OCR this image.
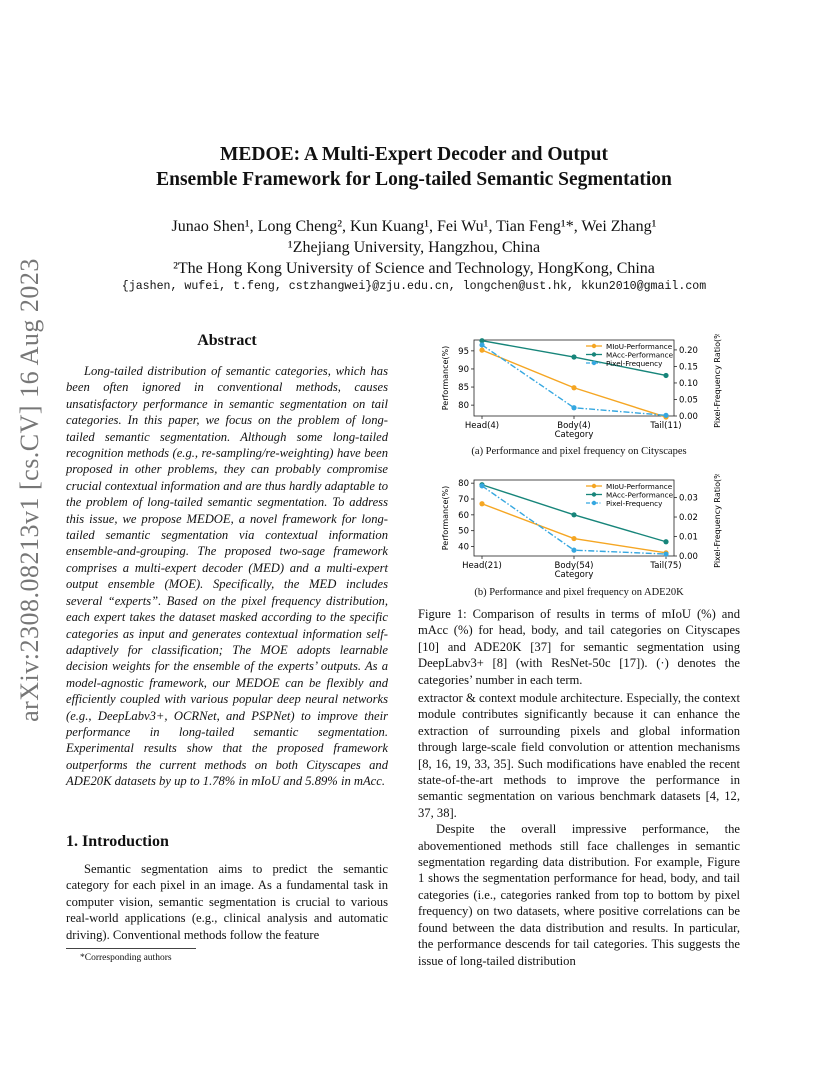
arXiv:2308.08213v1 [cs.CV] 16 Aug 2023
MEDOE: A Multi-Expert Decoder and Output
Ensemble Framework for Long-tailed Semantic Segmentation
Junao Shen¹, Long Cheng², Kun Kuang¹, Fei Wu¹, Tian Feng¹*, Wei Zhang¹
¹Zhejiang University, Hangzhou, China
²The Hong Kong University of Science and Technology, HongKong, China
{jashen, wufei, t.feng, cstzhangwei}@zju.edu.cn, longchen@ust.hk, kkun2010@gmail.com
Abstract

Long-tailed distribution of semantic categories, which has been often ignored in conventional methods, causes unsatisfactory performance in semantic segmentation on tail categories. In this paper, we focus on the problem of long-tailed semantic segmentation. Although some long-tailed recognition methods (e.g., re-sampling/re-weighting) have been proposed in other problems, they can probably compromise crucial contextual information and are thus hardly adaptable to the problem of long-tailed semantic segmentation. To address this issue, we propose MEDOE, a novel framework for long-tailed semantic segmentation via contextual information ensemble-and-grouping. The proposed two-sage framework comprises a multi-expert decoder (MED) and a multi-expert output ensemble (MOE). Specifically, the MED includes several “experts”. Based on the pixel frequency distribution, each expert takes the dataset masked according to the specific categories as input and generates contextual information self-adaptively for classification; The MOE adopts learnable decision weights for the ensemble of the experts’ outputs. As a model-agnostic framework, our MEDOE can be flexibly and efficiently coupled with various popular deep neural networks (e.g., DeepLabv3+, OCRNet, and PSPNet) to improve their performance in long-tailed semantic segmentation. Experimental results show that the proposed framework outperforms the current methods on both Cityscapes and ADE20K datasets by up to 1.78% in mIoU and 5.89% in mAcc.

1. Introduction

Semantic segmentation aims to predict the semantic category for each pixel in an image. As a fundamental task in computer vision, semantic segmentation is crucial to various real-world applications (e.g., clinical analysis and automatic driving). Conventional methods follow the feature

*Corresponding authors
80
85
90
95
0.00
0.05
0.10
0.15
0.20
Head(4)	Body(4)	Tail(11)
Category
Performance(%)	Pixel-Frequency Ratio(%)
MIoU-Performance
MAcc-Performance
Pixel-Frequency
(a) Performance and pixel frequency on Cityscapes
40
50
60
70
80
0.00
0.01
0.02
0.03
Head(21)	Body(54)	Tail(75)
Category
Performance(%)	Pixel-Frequency Ratio(%)
MIoU-Performance
MAcc-Performance
Pixel-Frequency
(b) Performance and pixel frequency on ADE20K
Figure 1: Comparison of results in terms of mIoU (%) and mAcc (%) for head, body, and tail categories on Cityscapes [10] and ADE20K [37] for semantic segmentation using DeepLabv3+ [8] (with ResNet-50c [17]). (·) denotes the categories’ number in each term.

extractor & context module architecture. Especially, the context module contributes significantly because it can enhance the extraction of surrounding pixels and global information through large-scale field convolution or attention mechanisms [8, 16, 19, 33, 35]. Such modifications have enabled the recent state-of-the-art methods to improve the performance in semantic segmentation on various benchmark datasets [4, 12, 37, 38].

Despite the overall impressive performance, the abovementioned methods still face challenges in semantic segmentation regarding data distribution. For example, Figure 1 shows the segmentation performance for head, body, and tail categories (i.e., categories ranked from top to bottom by pixel frequency) on two datasets, where positive correlations can be found between the data distribution and results. In particular, the performance descends for tail categories. This suggests the issue of long-tailed distribution
